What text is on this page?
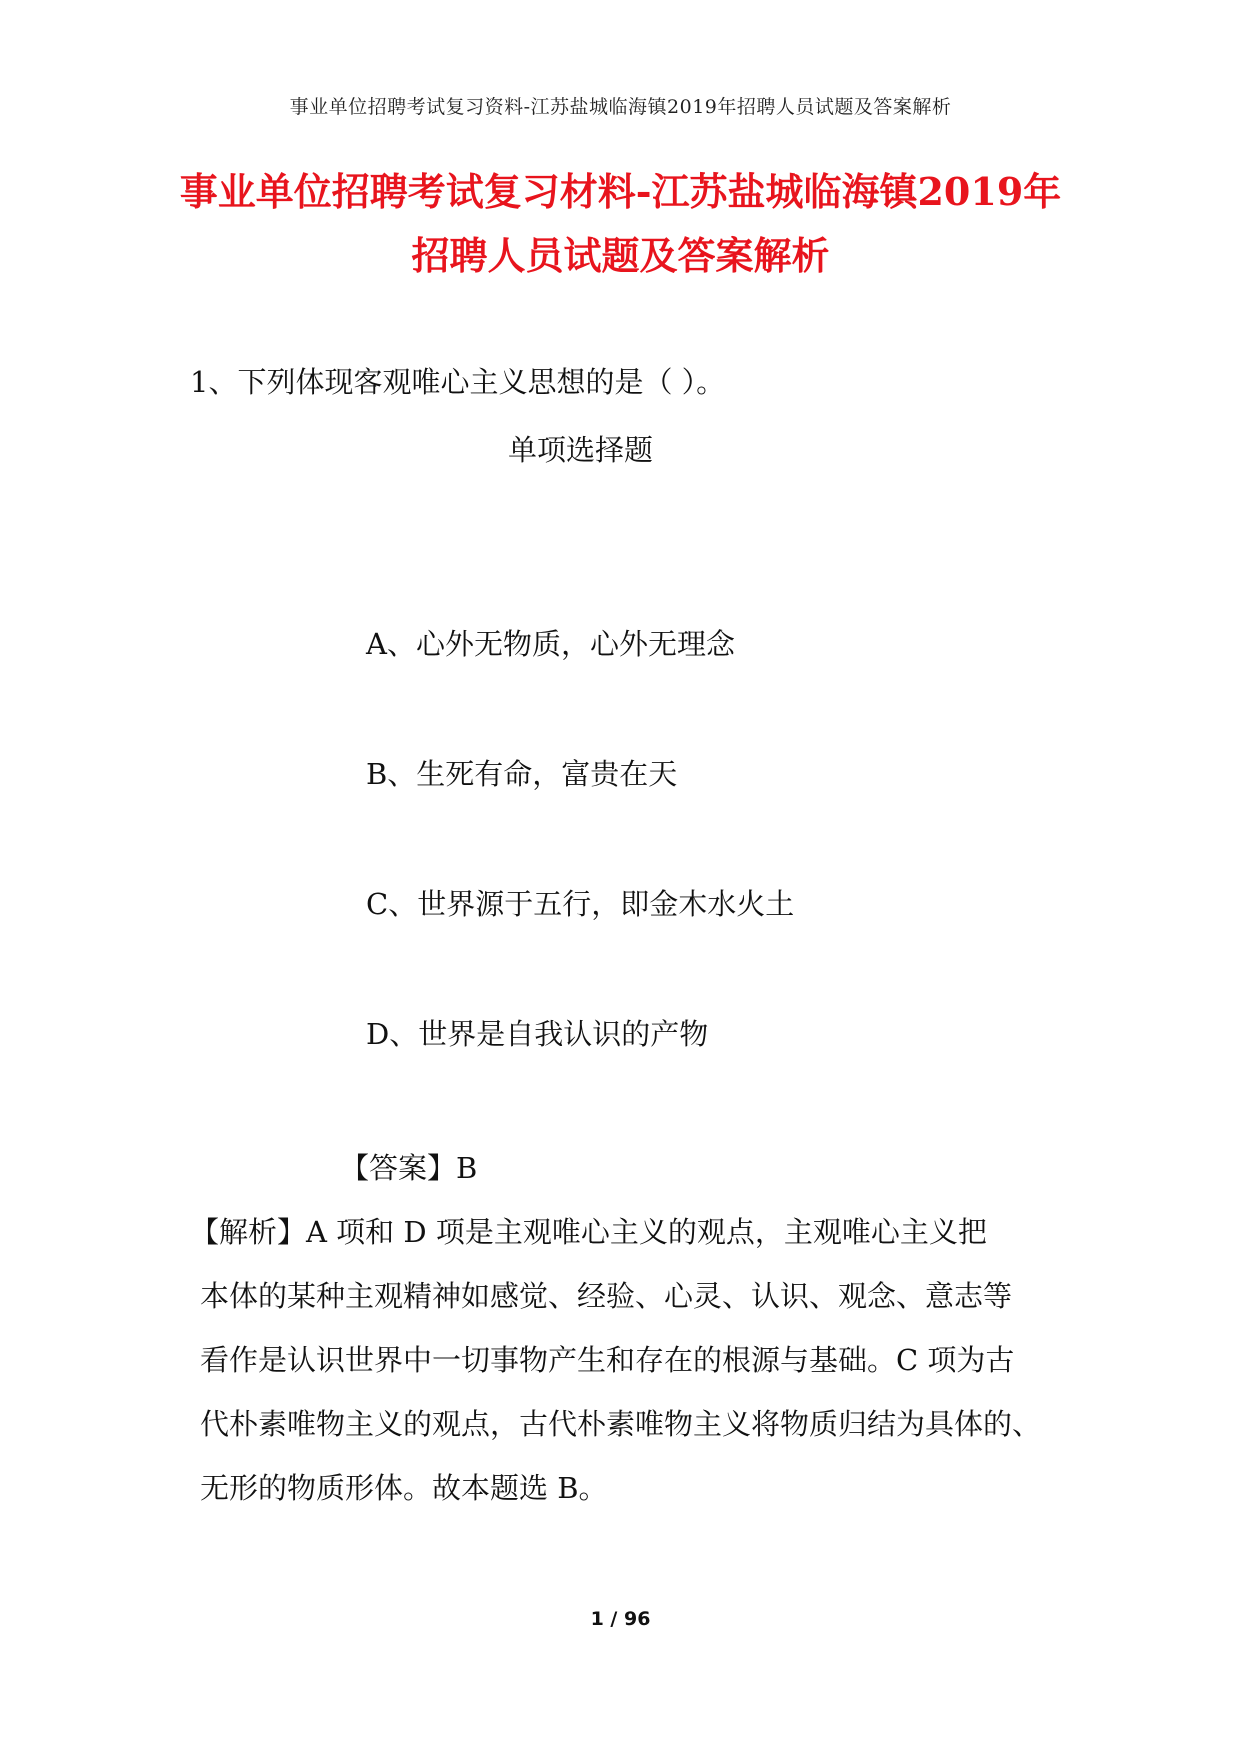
事业单位招聘考试复习资料-江苏盐城临海镇2019年招聘人员试题及答案解析
事业单位招聘考试复习材料-江苏盐城临海镇2019年
招聘人员试题及答案解析
1、下列体现客观唯心主义思想的是（ ）。
单项选择题
A、心外无物质，心外无理念
B、生死有命，富贵在天
C、世界源于五行，即金木水火土
D、世界是自我认识的产物
【答案】B
【解析】A 项和 D 项是主观唯心主义的观点，主观唯心主义把
本体的某种主观精神如感觉、经验、心灵、认识、观念、意志等
看作是认识世界中一切事物产生和存在的根源与基础。C 项为古
代朴素唯物主义的观点，古代朴素唯物主义将物质归结为具体的、
无形的物质形体。故本题选 B。
1 / 96
